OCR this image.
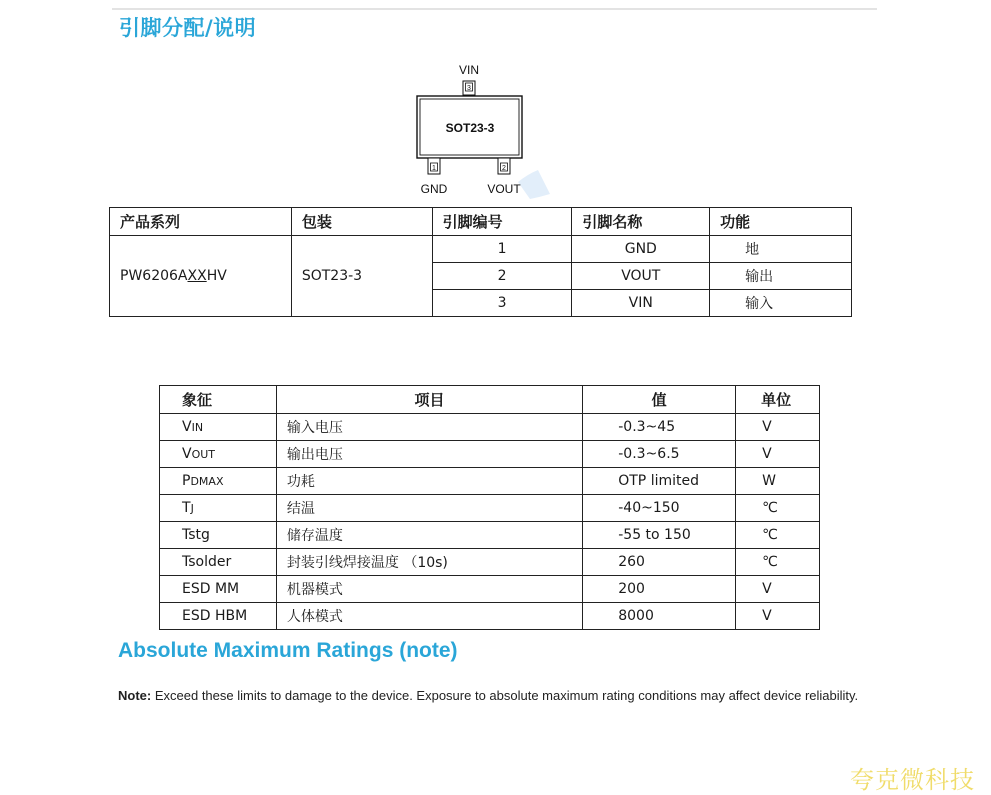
引脚分配/说明
VIN
3
SOT23-3
1	2
GND	VOUT
产品系列	包装	引脚编号	引脚名称	功能
PW6206AXXHV	SOT23-3	1	GND	地
		2	VOUT	输出
		3	VIN	输入
象征	项目	值	单位
VIN	输入电压	-0.3~45	V
VOUT	输出电压	-0.3~6.5	V
PDMAX	功耗	OTP limited	W
TJ	结温	-40~150	℃
Tstg	储存温度	-55 to 150	℃
Tsolder	封装引线焊接温度 （10s)	260	℃
ESD MM	机器模式	200	V
ESD HBM	人体模式	8000	V
Absolute Maximum Ratings (note)

Note: Exceed these limits to damage to the device. Exposure to absolute maximum rating conditions may affect device reliability.

夸克微科技
